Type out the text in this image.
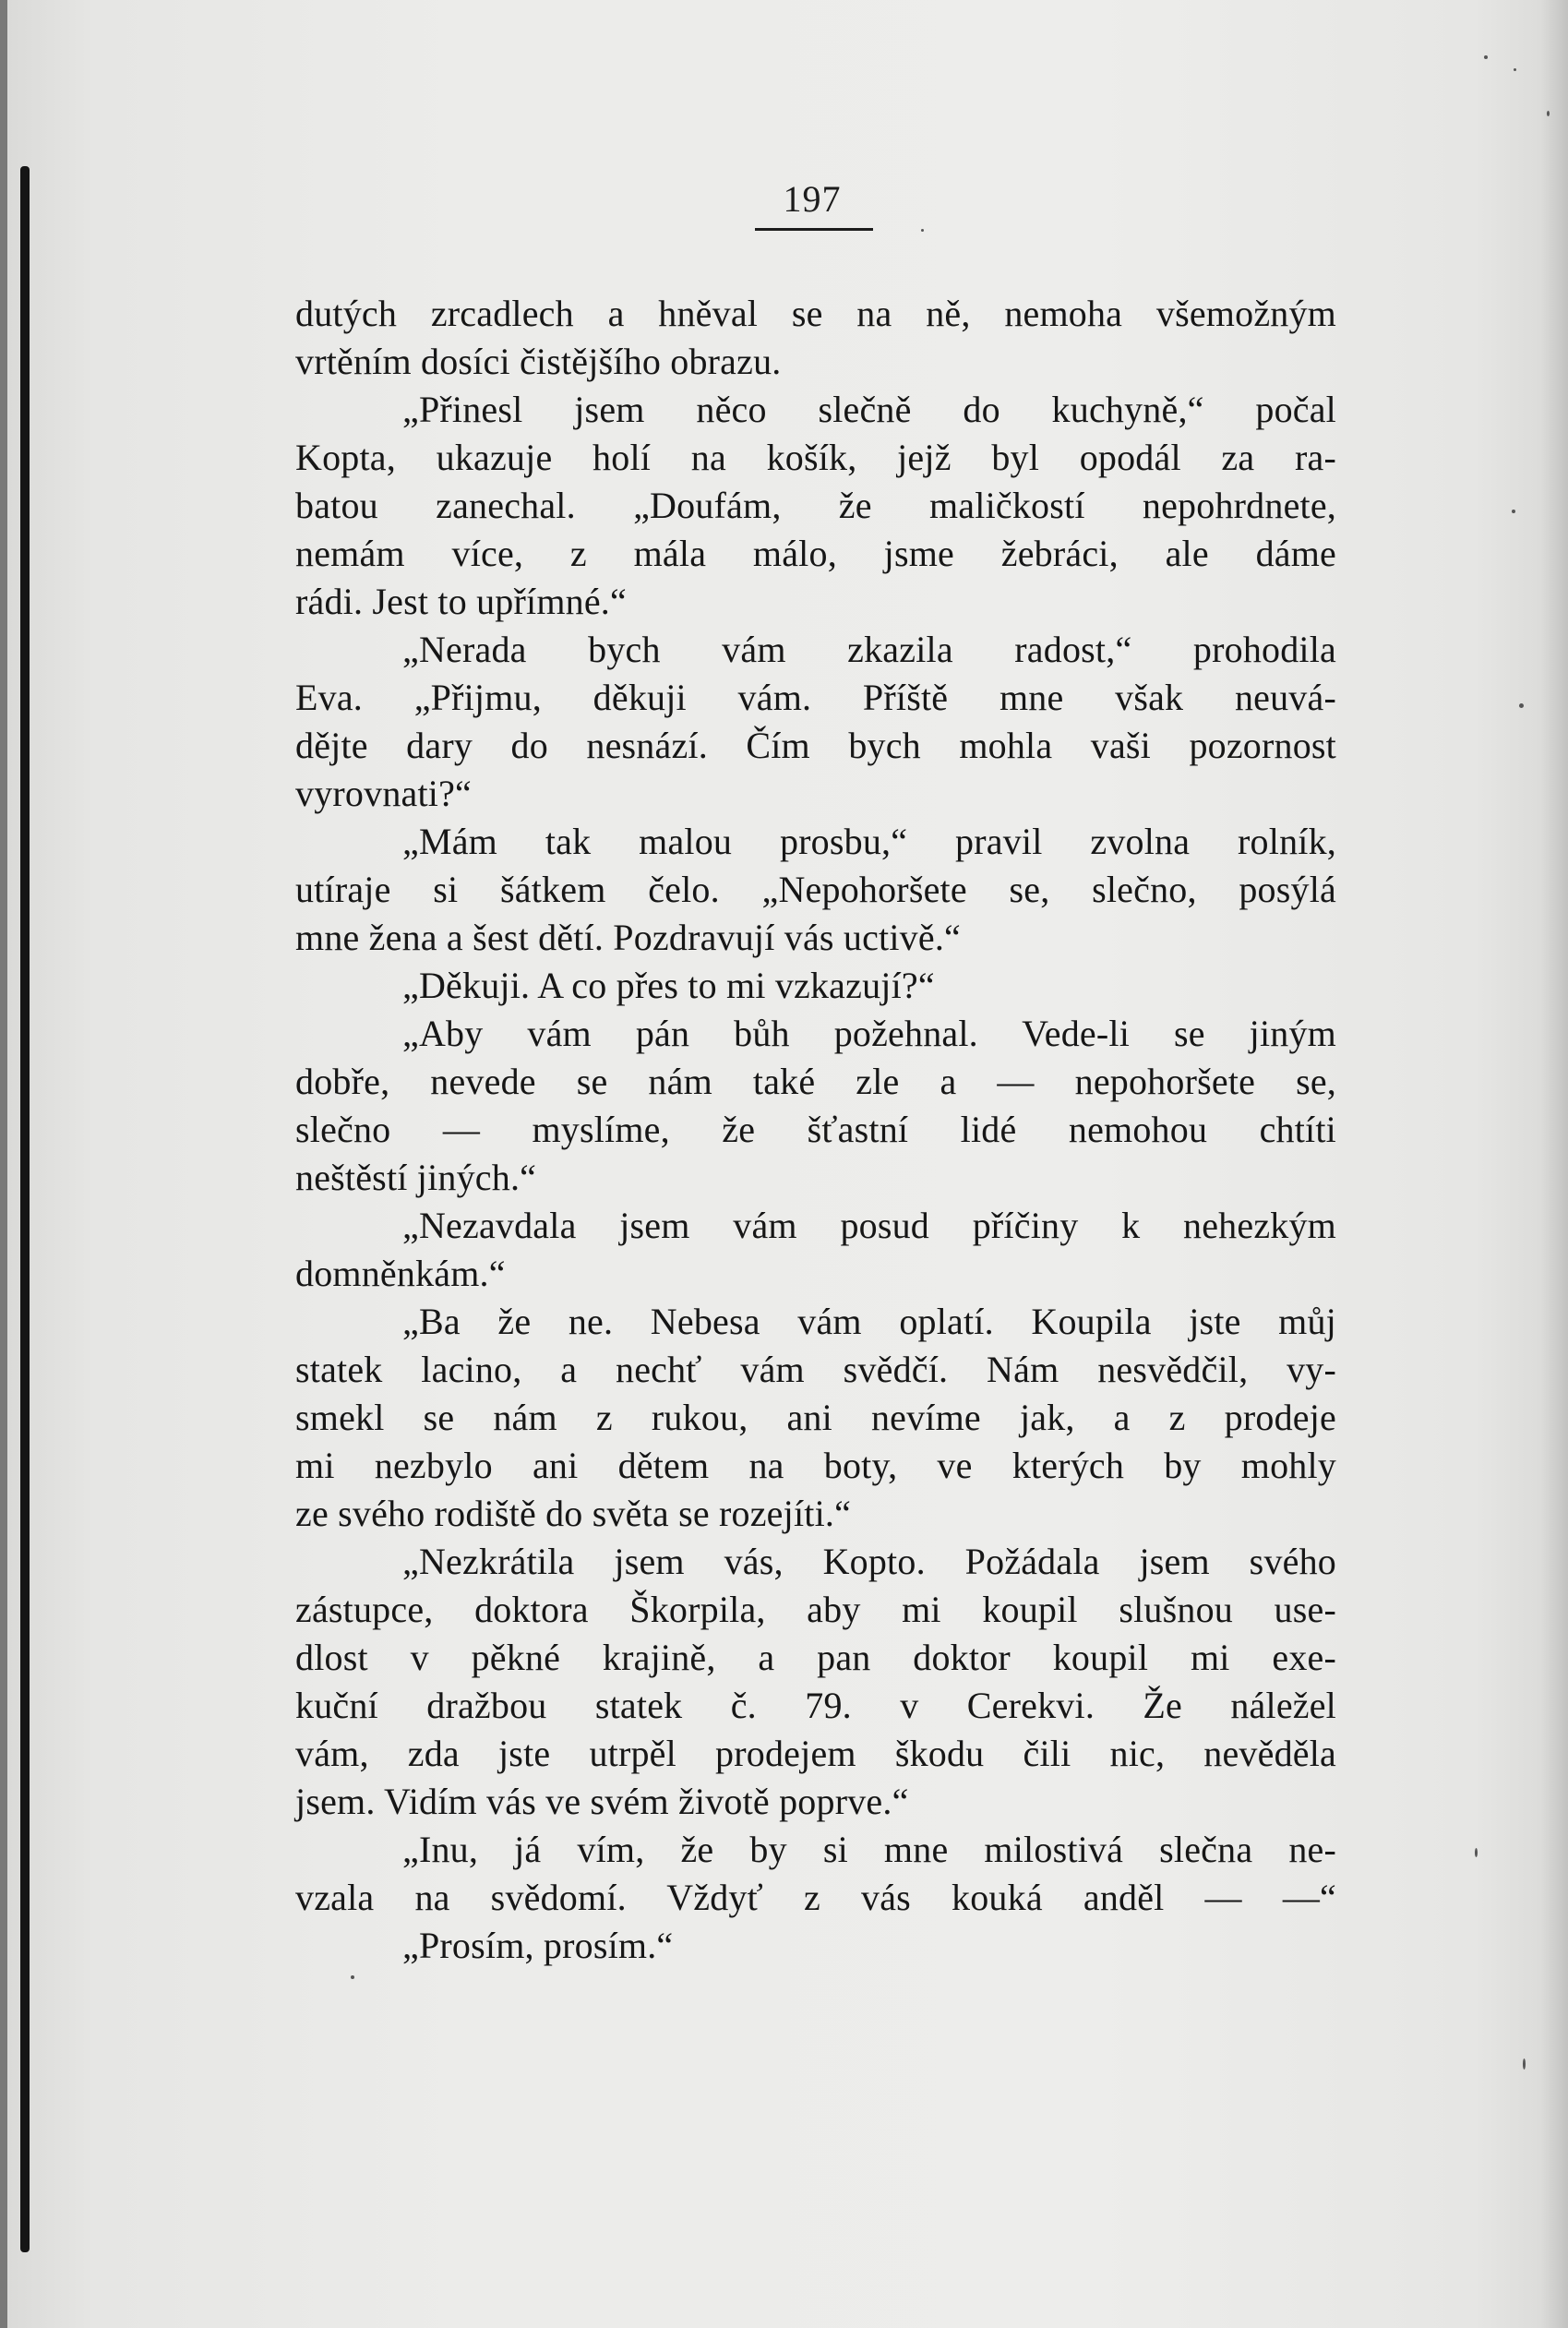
197
dutých zrcadlech a hněval se na ně, nemoha všemožným
vrtěním dosíci čistějšího obrazu.
„Přinesl jsem něco slečně do kuchyně,“ počal
Kopta, ukazuje holí na košík, jejž byl opodál za ra-
batou zanechal. „Doufám, že maličkostí nepohrdnete,
nemám více, z mála málo, jsme žebráci, ale dáme
rádi. Jest to upřímné.“
„Nerada bych vám zkazila radost,“ prohodila
Eva. „Přijmu, děkuji vám. Příště mne však neuvá-
dějte dary do nesnází. Čím bych mohla vaši pozornost
vyrovnati?“
„Mám tak malou prosbu,“ pravil zvolna rolník,
utíraje si šátkem čelo. „Nepohoršete se, slečno, posýlá
mne žena a šest dětí. Pozdravují vás uctivě.“
„Děkuji. A co přes to mi vzkazují?“
„Aby vám pán bůh požehnal. Vede-li se jiným
dobře, nevede se nám také zle a — nepohoršete se,
slečno — myslíme, že šťastní lidé nemohou chtíti
neštěstí jiných.“
„Nezavdala jsem vám posud příčiny k nehezkým
domněnkám.“
„Ba že ne. Nebesa vám oplatí. Koupila jste můj
statek lacino, a nechť vám svědčí. Nám nesvědčil, vy-
smekl se nám z rukou, ani nevíme jak, a z prodeje
mi nezbylo ani dětem na boty, ve kterých by mohly
ze svého rodiště do světa se rozejíti.“
„Nezkrátila jsem vás, Kopto. Požádala jsem svého
zástupce, doktora Škorpila, aby mi koupil slušnou use-
dlost v pěkné krajině, a pan doktor koupil mi exe-
kuční dražbou statek č. 79. v Cerekvi. Že náležel
vám, zda jste utrpěl prodejem škodu čili nic, nevěděla
jsem. Vidím vás ve svém životě poprve.“
„Inu, já vím, že by si mne milostivá slečna ne-
vzala na svědomí. Vždyť z vás kouká anděl — —“
„Prosím, prosím.“
